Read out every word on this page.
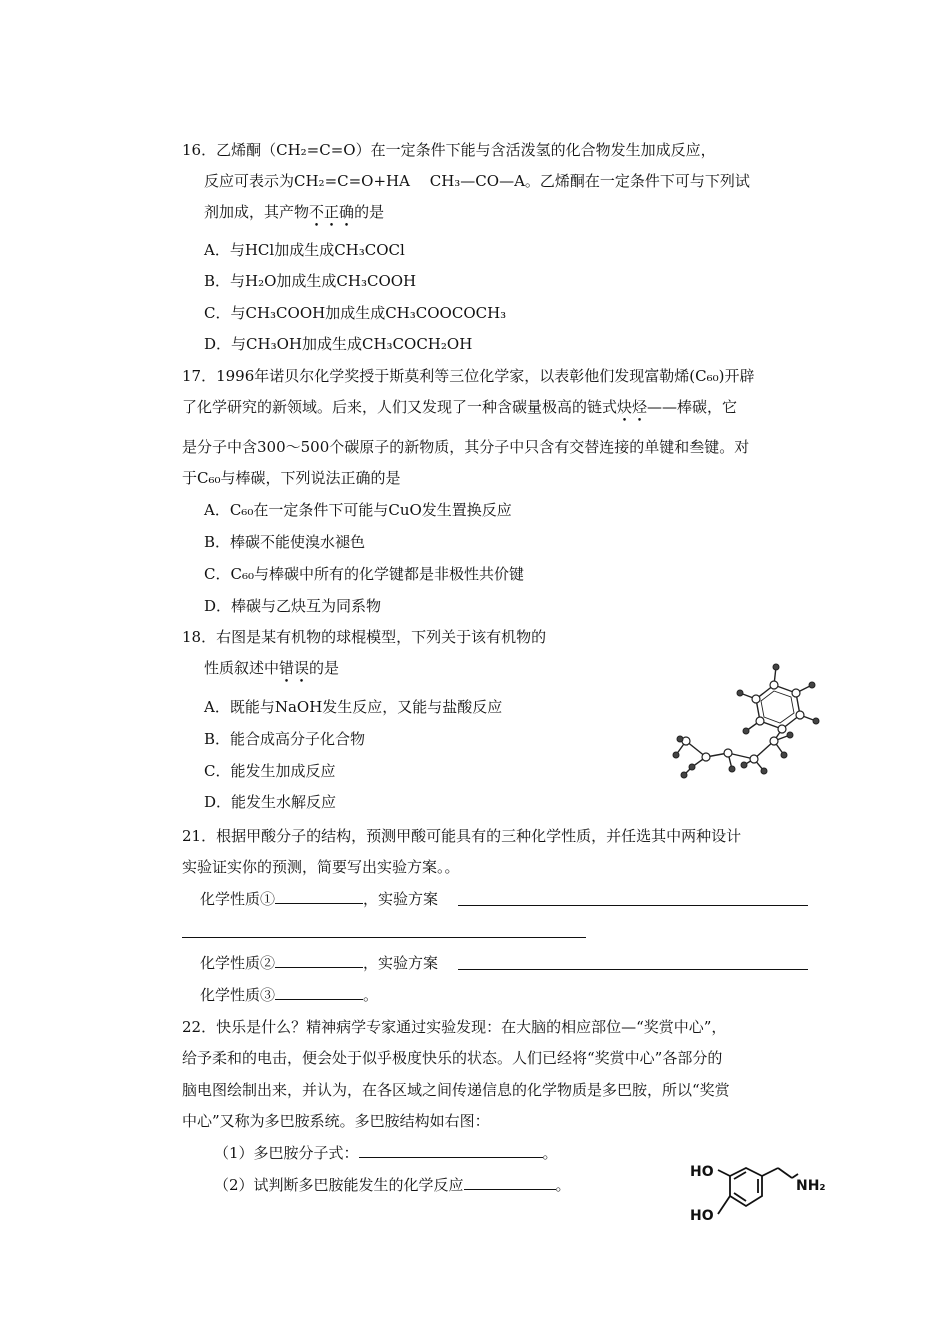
16．乙烯酮（CH₂=C=O）在一定条件下能与含活泼氢的化合物发生加成反应，
反应可表示为CH₂=C=O+HA　 CH₃—CO—A。乙烯酮在一定条件下可与下列试
剂加成，其产物不正确的是
A．与HCl加成生成CH₃COCl
B．与H₂O加成生成CH₃COOH
C．与CH₃COOH加成生成CH₃COOCOCH₃
D．与CH₃OH加成生成CH₃COCH₂OH
17．1996年诺贝尔化学奖授于斯莫利等三位化学家，以表彰他们发现富勒烯(C₆₀)开辟
了化学研究的新领域。后来，人们又发现了一种含碳量极高的链式炔烃——棒碳，它
是分子中含300～500个碳原子的新物质，其分子中只含有交替连接的单键和叁键。对
于C₆₀与棒碳，下列说法正确的是
A．C₆₀在一定条件下可能与CuO发生置换反应
B．棒碳不能使溴水褪色
C．C₆₀与棒碳中所有的化学键都是非极性共价键
D．棒碳与乙炔互为同系物
18．右图是某有机物的球棍模型，下列关于该有机物的
性质叙述中错误的是
A．既能与NaOH发生反应，又能与盐酸反应
B．能合成高分子化合物
C．能发生加成反应
D．能发生水解反应
21．根据甲酸分子的结构，预测甲酸可能具有的三种化学性质，并任选其中两种设计
实验证实你的预测，简要写出实验方案。。
化学性质①	，实验方案
化学性质②	，实验方案
化学性质③	。
22．快乐是什么？精神病学专家通过实验发现：在大脑的相应部位—“奖赏中心”，
给予柔和的电击，便会处于似乎极度快乐的状态。人们已经将“奖赏中心”各部分的
脑电图绘制出来，并认为，在各区域之间传递信息的化学物质是多巴胺，所以“奖赏
中心”又称为多巴胺系统。多巴胺结构如右图：
（1）多巴胺分子式：	。
（2）试判断多巴胺能发生的化学反应	。
HO
HO
NH₂
